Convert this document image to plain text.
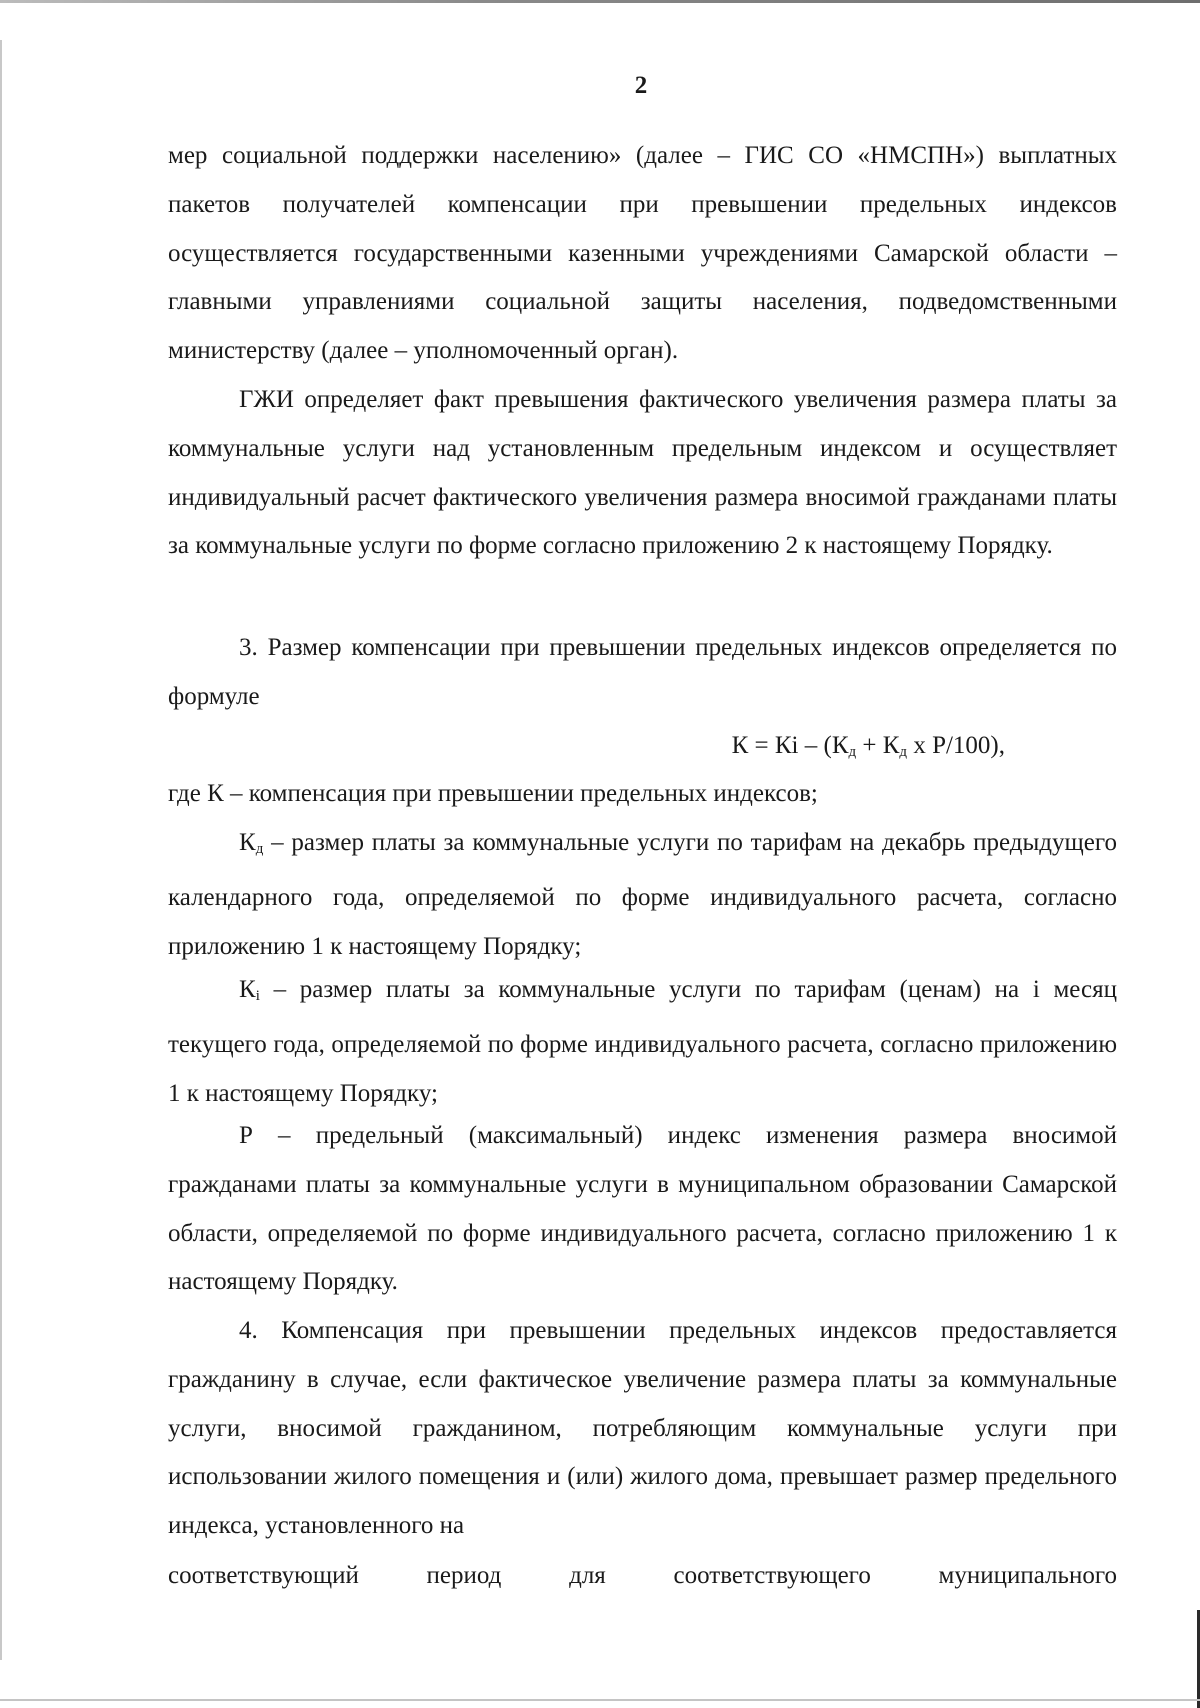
2
мер социальной поддержки населению» (далее – ГИС СО «НМСПН») выплатных пакетов получателей компенсации при превышении предельных индексов осуществляется государственными казенными учреждениями Самарской области – главными управлениями социальной защиты населения, подведомственными министерству (далее – уполномоченный орган).
ГЖИ определяет факт превышения фактического увеличения размера платы за коммунальные услуги над установленным предельным индексом и осуществляет индивидуальный расчет фактического увеличения размера вносимой гражданами платы за коммунальные услуги по форме согласно приложению 2 к настоящему Порядку.
3. Размер компенсации при превышении предельных индексов определяется по формуле
К = Кi – ($К_д + К_д$ х Р/100),
где К – компенсация при превышении предельных индексов;
$К_д$ – размер платы за коммунальные услуги по тарифам на декабрь предыдущего календарного года, определяемой по форме индивидуального расчета, согласно приложению 1 к настоящему Порядку;
$К_i$ – размер платы за коммунальные услуги по тарифам (ценам) на i месяц текущего года, определяемой по форме индивидуального расчета, согласно приложению 1 к настоящему Порядку;
Р – предельный (максимальный) индекс изменения размера вносимой гражданами платы за коммунальные услуги в муниципальном образовании Самарской области, определяемой по форме индивидуального расчета, согласно приложению 1 к настоящему Порядку.
4. Компенсация при превышении предельных индексов предоставляется гражданину в случае, если фактическое увеличение размера платы за коммунальные услуги, вносимой гражданином, потребляющим коммунальные услуги при использовании жилого помещения и (или) жилого дома, превышает размер предельного индекса, установленного на
соответствующий	период	для	соответствующего	муниципального
